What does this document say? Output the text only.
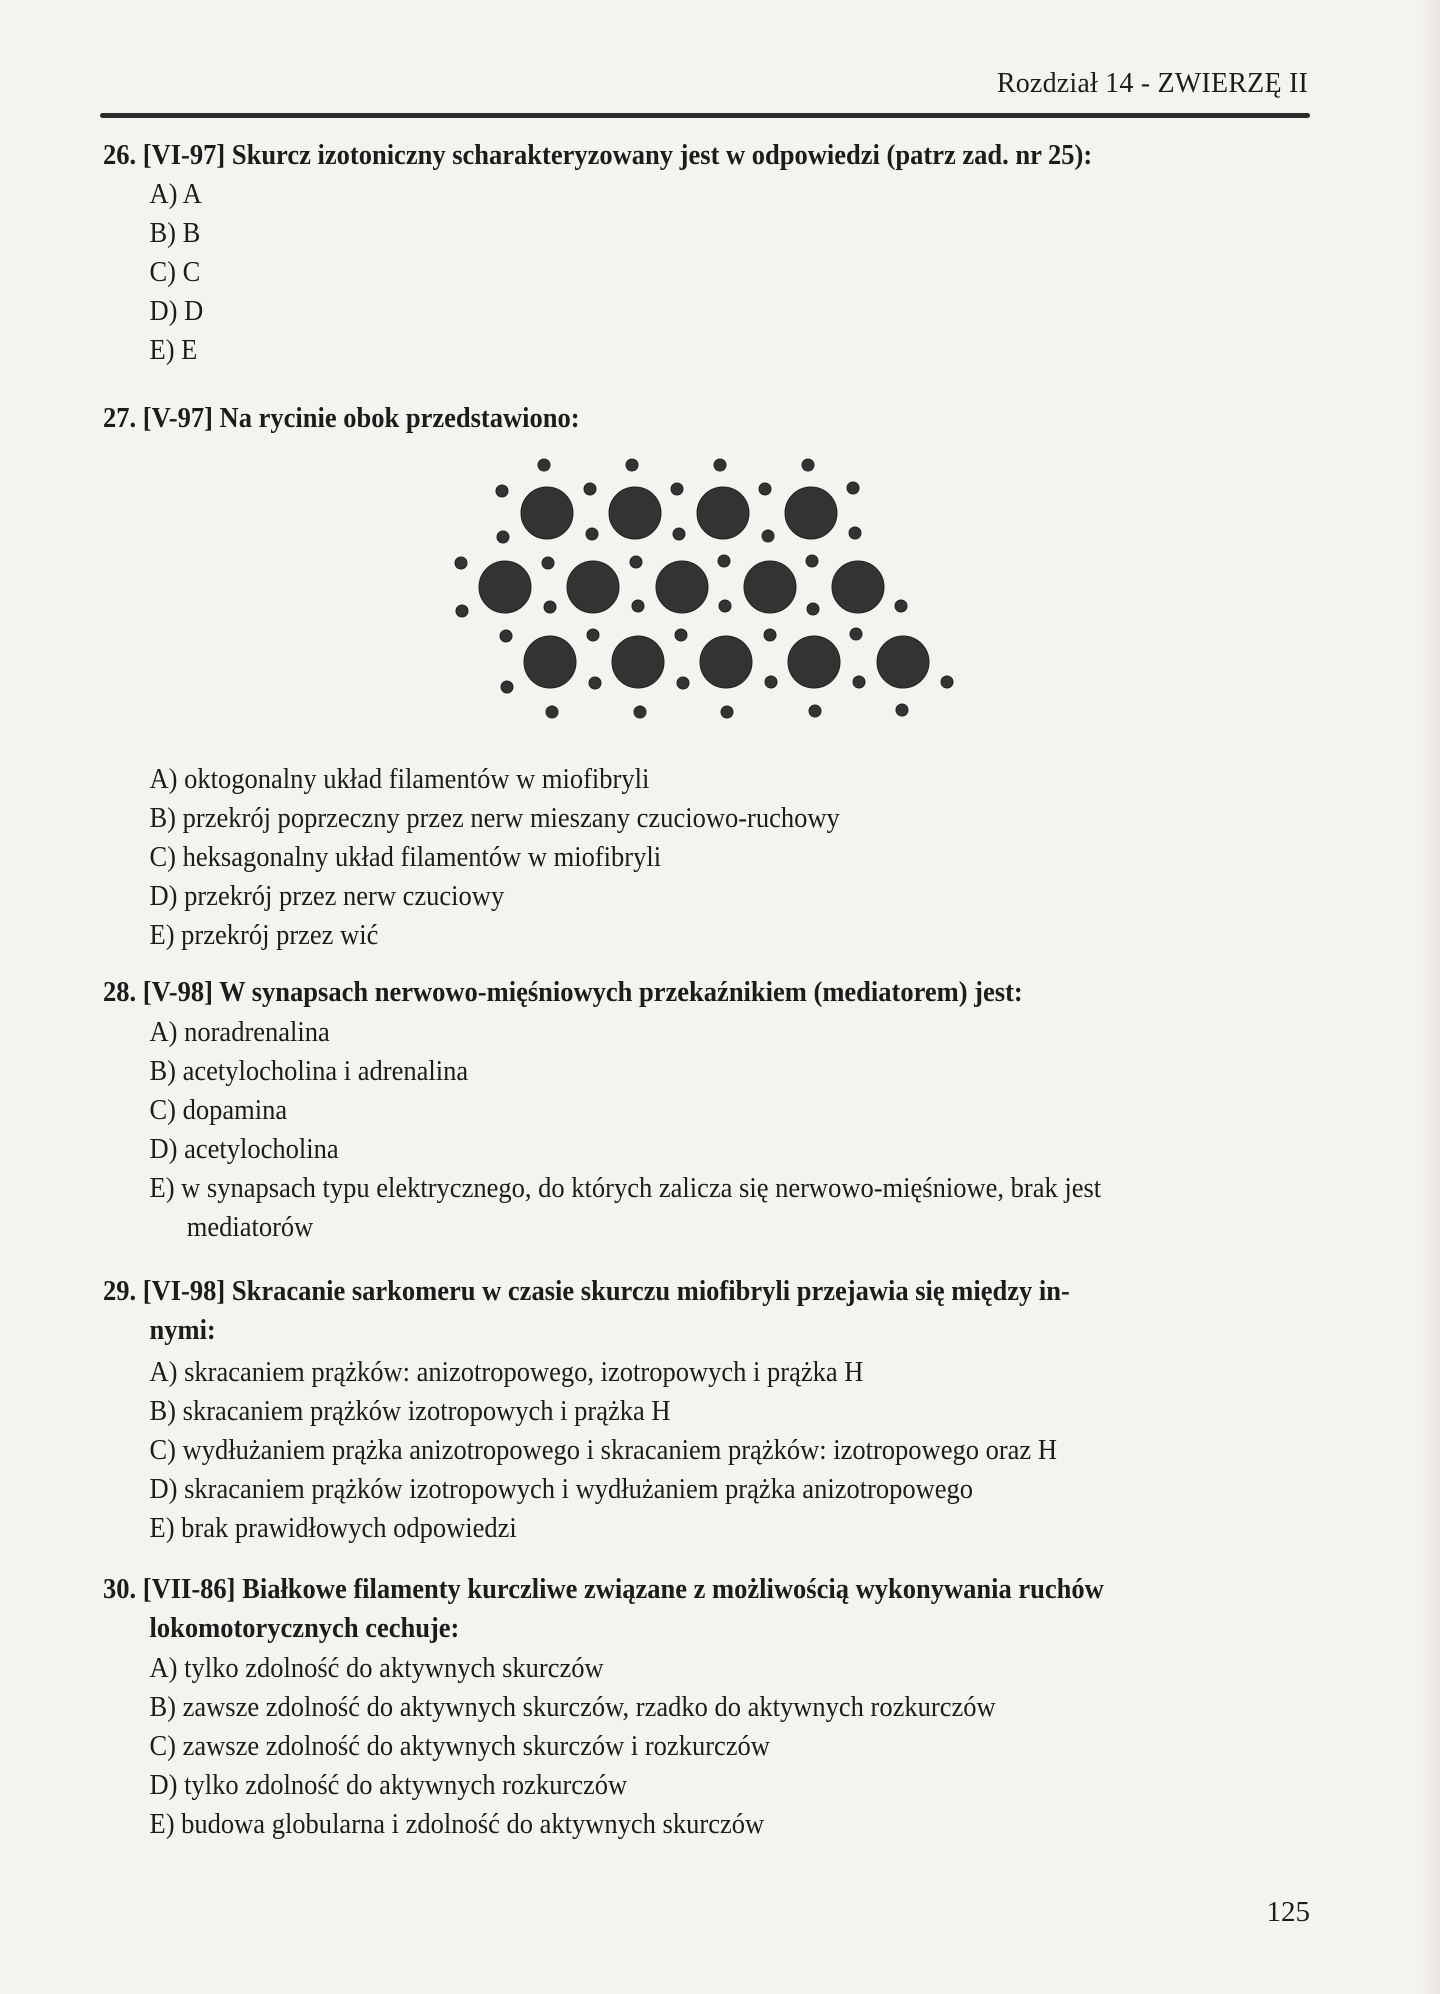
Rozdział 14 - ZWIERZĘ II
26. [VI-97] Skurcz izotoniczny scharakteryzowany jest w odpowiedzi (patrz zad. nr 25):
A) A
B) B
C) C
D) D
E) E
27. [V-97] Na rycinie obok przedstawiono:
A) oktogonalny układ filamentów w miofibryli
B) przekrój poprzeczny przez nerw mieszany czuciowo-ruchowy
C) heksagonalny układ filamentów w miofibryli
D) przekrój przez nerw czuciowy
E) przekrój przez wić
28. [V-98] W synapsach nerwowo-mięśniowych przekaźnikiem (mediatorem) jest:
A) noradrenalina
B) acetylocholina i adrenalina
C) dopamina
D) acetylocholina
E) w synapsach typu elektrycznego, do których zalicza się nerwowo-mięśniowe, brak jest
mediatorów
29. [VI-98] Skracanie sarkomeru w czasie skurczu miofibryli przejawia się między in-
nymi:
A) skracaniem prążków: anizotropowego, izotropowych i prążka H
B) skracaniem prążków izotropowych i prążka H
C) wydłużaniem prążka anizotropowego i skracaniem prążków: izotropowego oraz H
D) skracaniem prążków izotropowych i wydłużaniem prążka anizotropowego
E) brak prawidłowych odpowiedzi
30. [VII-86] Białkowe filamenty kurczliwe związane z możliwością wykonywania ruchów
lokomotorycznych cechuje:
A) tylko zdolność do aktywnych skurczów
B) zawsze zdolność do aktywnych skurczów, rzadko do aktywnych rozkurczów
C) zawsze zdolność do aktywnych skurczów i rozkurczów
D) tylko zdolność do aktywnych rozkurczów
E) budowa globularna i zdolność do aktywnych skurczów
125
